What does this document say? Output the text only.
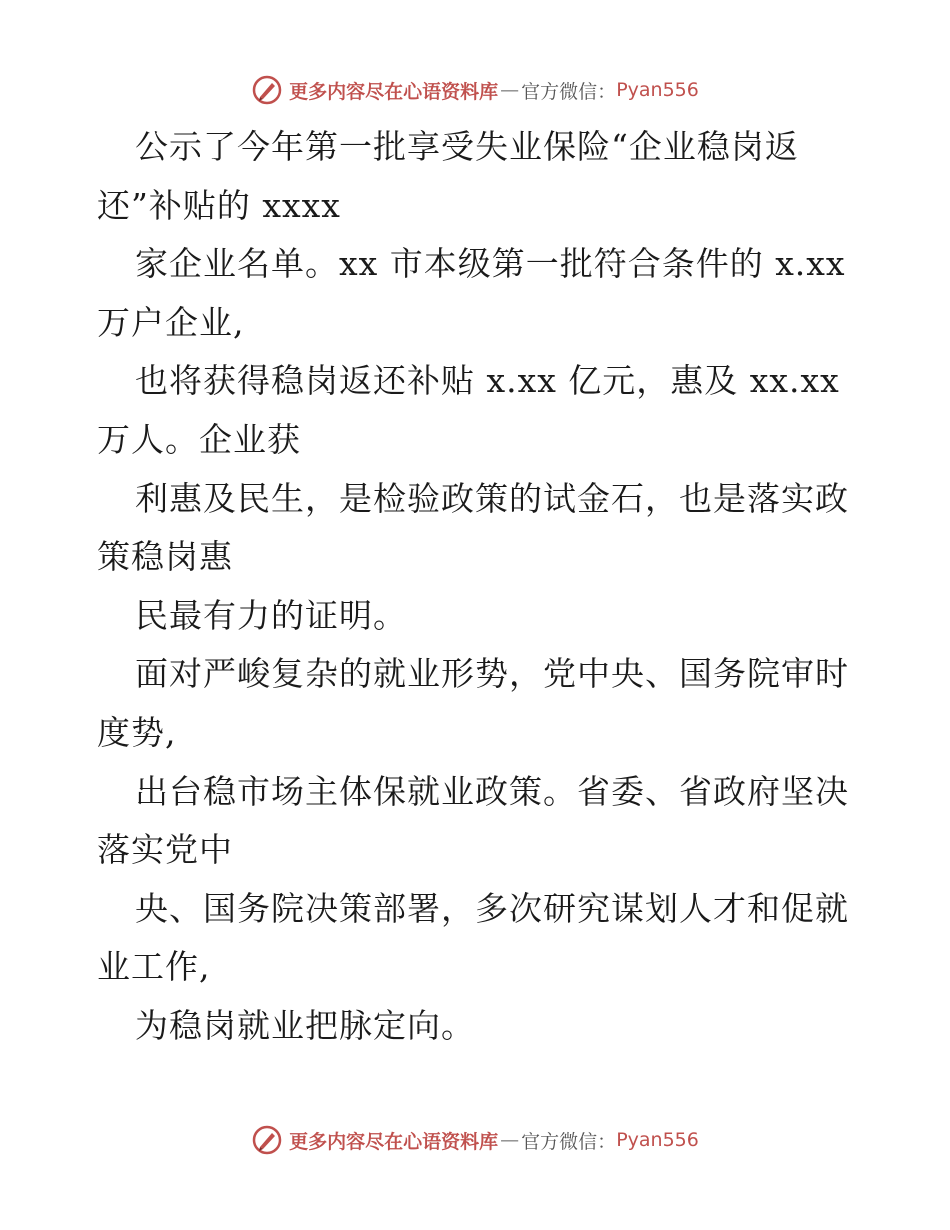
更多内容尽在心语资料库 — 官方微信： Pyan556
公示了今年第一批享受失业保险“企业稳岗返
还”补贴的 xxxx
家企业名单。xx 市本级第一批符合条件的 x.xx
万户企业,
也将获得稳岗返还补贴 x.xx 亿元，惠及 xx.xx
万人。企业获
利惠及民生，是检验政策的试金石，也是落实政
策稳岗惠
民最有力的证明。
面对严峻复杂的就业形势，党中央、国务院审时
度势,
出台稳市场主体保就业政策。省委、省政府坚决
落实党中
央、国务院决策部署，多次研究谋划人才和促就
业工作,
为稳岗就业把脉定向。
更多内容尽在心语资料库 — 官方微信： Pyan556
